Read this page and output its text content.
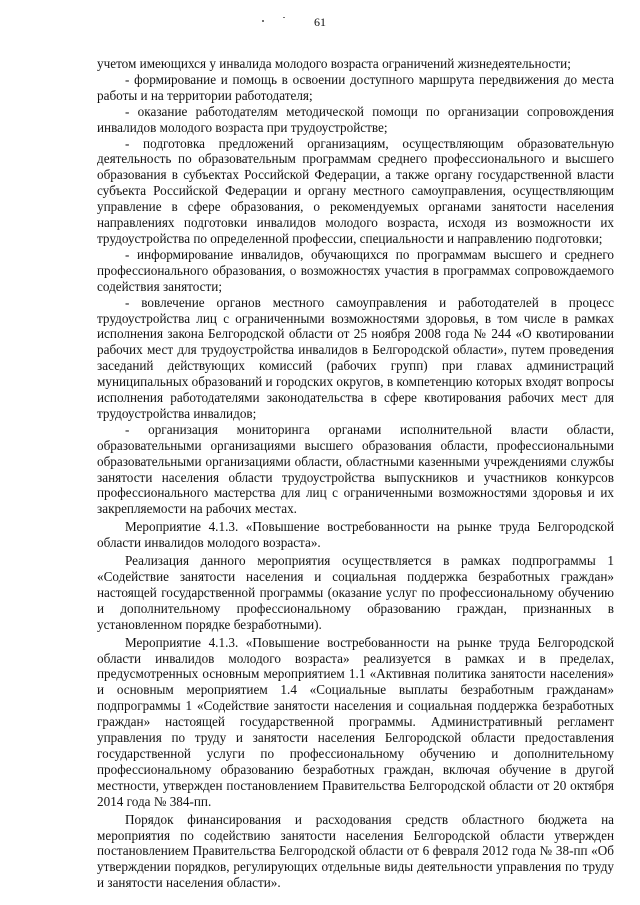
61

учетом имеющихся у инвалида молодого возраста ограничений жизнедеятельности;

- формирование и помощь в освоении доступного маршрута передвижения до места работы и на территории работодателя;

- оказание работодателям методической помощи по организации сопровождения инвалидов молодого возраста при трудоустройстве;

- подготовка предложений организациям, осуществляющим образовательную деятельность по образовательным программам среднего профессионального и высшего образования в субъектах Российской Федерации, а также органу государственной власти субъекта Российской Федерации и органу местного самоуправления, осуществляющим управление в сфере образования, о рекомендуемых органами занятости населения направлениях подготовки инвалидов молодого возраста, исходя из возможности их трудоустройства по определенной профессии, специальности и направлению подготовки;

- информирование инвалидов, обучающихся по программам высшего и среднего профессионального образования, о возможностях участия в программах сопровождаемого содействия занятости;

- вовлечение органов местного самоуправления и работодателей в процесс трудоустройства лиц с ограниченными возможностями здоровья, в том числе в рамках исполнения закона Белгородской области от 25 ноября 2008 года № 244 «О квотировании рабочих мест для трудоустройства инвалидов в Белгородской области», путем проведения заседаний действующих комиссий (рабочих групп) при главах администраций муниципальных образований и городских округов, в компетенцию которых входят вопросы исполнения работодателями законодательства в сфере квотирования рабочих мест для трудоустройства инвалидов;

- организация мониторинга органами исполнительной власти области, образовательными организациями высшего образования области, профессиональными образовательными организациями области, областными казенными учреждениями службы занятости населения области трудоустройства выпускников и участников конкурсов профессионального мастерства для лиц с ограниченными возможностями здоровья и их закрепляемости на рабочих местах.

Мероприятие 4.1.3. «Повышение востребованности на рынке труда Белгородской области инвалидов молодого возраста».

Реализация данного мероприятия осуществляется в рамках подпрограммы 1 «Содействие занятости населения и социальная поддержка безработных граждан» настоящей государственной программы (оказание услуг по профессиональному обучению и дополнительному профессиональному образованию граждан, признанных в установленном порядке безработными).

Мероприятие 4.1.3. «Повышение востребованности на рынке труда Белгородской области инвалидов молодого возраста» реализуется в рамках и в пределах, предусмотренных основным мероприятием 1.1 «Активная политика занятости населения» и основным мероприятием 1.4 «Социальные выплаты безработным гражданам» подпрограммы 1 «Содействие занятости населения и социальная поддержка безработных граждан» настоящей государственной программы. Административный регламент управления по труду и занятости населения Белгородской области предоставления государственной услуги по профессиональному обучению и дополнительному профессиональному образованию безработных граждан, включая обучение в другой местности, утвержден постановлением Правительства Белгородской области от 20 октября 2014 года № 384-пп.

Порядок финансирования и расходования средств областного бюджета на мероприятия по содействию занятости населения Белгородской области утвержден постановлением Правительства Белгородской области от 6 февраля 2012 года № 38-пп «Об утверждении порядков, регулирующих отдельные виды деятельности управления по труду и занятости населения области».
